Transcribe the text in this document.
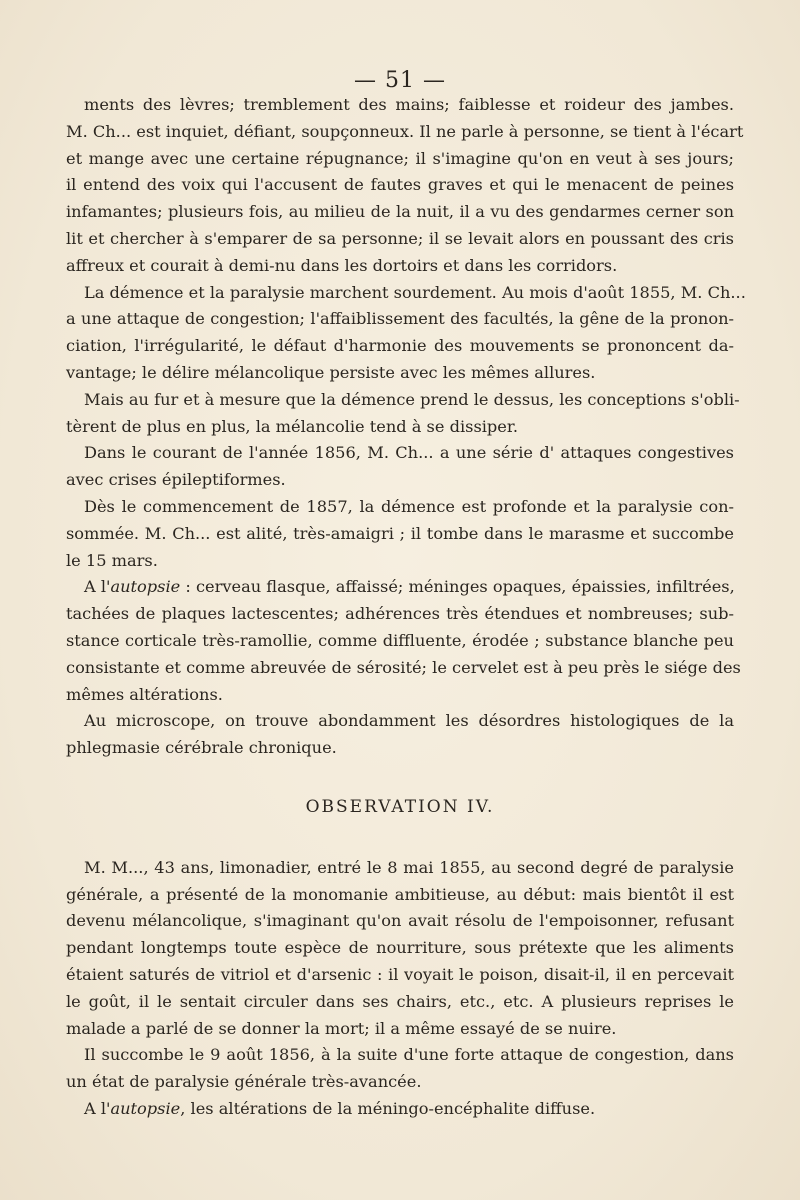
— 51 —
ments des lèvres; tremblement des mains; faiblesse et roideur des jambes.
M. Ch... est inquiet, défiant, soupçonneux. Il ne parle à personne, se tient à l'écart
et mange avec une certaine répugnance; il s'imagine qu'on en veut à ses jours;
il entend des voix qui l'accusent de fautes graves et qui le menacent de peines
infamantes; plusieurs fois, au milieu de la nuit, il a vu des gendarmes cerner son
lit et chercher à s'emparer de sa personne; il se levait alors en poussant des cris
affreux et courait à demi-nu dans les dortoirs et dans les corridors.
La démence et la paralysie marchent sourdement. Au mois d'août 1855, M. Ch...
a une attaque de congestion; l'affaiblissement des facultés, la gêne de la pronon-
ciation, l'irrégularité, le défaut d'harmonie des mouvements se prononcent da-
vantage; le délire mélancolique persiste avec les mêmes allures.
Mais au fur et à mesure que la démence prend le dessus, les conceptions s'obli-
tèrent de plus en plus, la mélancolie tend à se dissiper.
Dans le courant de l'année 1856, M. Ch... a une série d' attaques congestives
avec crises épileptiformes.
Dès le commencement de 1857, la démence est profonde et la paralysie con-
sommée. M. Ch... est alité, très-amaigri ; il tombe dans le marasme et succombe
le 15 mars.
A l'autopsie : cerveau flasque, affaissé; méninges opaques, épaissies, infiltrées,
tachées de plaques lactescentes; adhérences très étendues et nombreuses; sub-
stance corticale très-ramollie, comme diffluente, érodée ; substance blanche peu
consistante et comme abreuvée de sérosité; le cervelet est à peu près le siége des
mêmes altérations.
Au microscope, on trouve abondamment les désordres histologiques de la
phlegmasie cérébrale chronique.
OBSERVATION IV.
M. M..., 43 ans, limonadier, entré le 8 mai 1855, au second degré de paralysie
générale, a présenté de la monomanie ambitieuse, au début: mais bientôt il est
devenu mélancolique, s'imaginant qu'on avait résolu de l'empoisonner, refusant
pendant longtemps toute espèce de nourriture, sous prétexte que les aliments
étaient saturés de vitriol et d'arsenic : il voyait le poison, disait-il, il en percevait
le goût, il le sentait circuler dans ses chairs, etc., etc. A plusieurs reprises le
malade a parlé de se donner la mort; il a même essayé de se nuire.
Il succombe le 9 août 1856, à la suite d'une forte attaque de congestion, dans
un état de paralysie générale très-avancée.
A l'autopsie, les altérations de la méningo-encéphalite diffuse.
